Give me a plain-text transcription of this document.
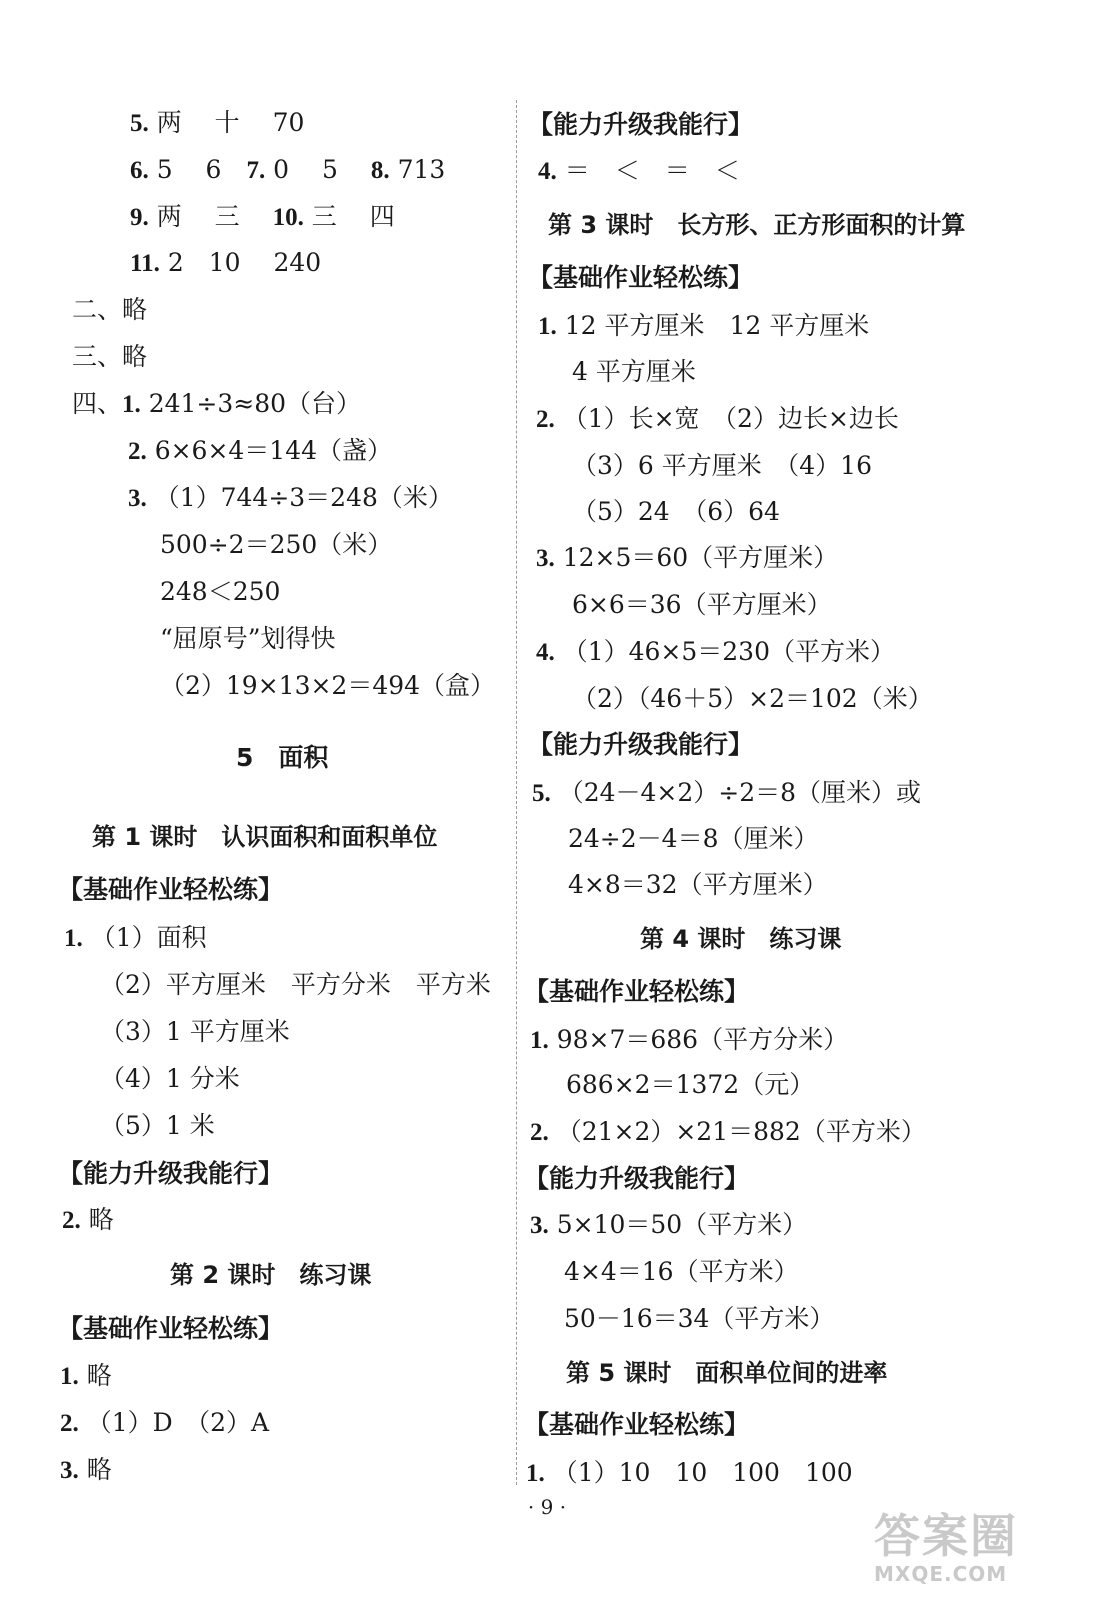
5. 两　 十　 70
6. 5　 6　7. 0　 5　 8. 713
9. 两　 三　 10. 三　 四
11. 2　10　 240
二、略
三、略
四、1. 241÷3≈80（台）
2. 6×6×4＝144（盏）
3. （1）744÷3＝248（米）
500÷2＝250（米）
248＜250
“屈原号”划得快
（2）19×13×2＝494（盒）
5　面积
第 1 课时　认识面积和面积单位
【基础作业轻松练】
1. （1）面积
（2）平方厘米　平方分米　平方米
（3）1 平方厘米
（4）1 分米
（5）1 米
【能力升级我能行】
2. 略
第 2 课时　练习课
【基础作业轻松练】
1. 略
2. （1）D　（2）A
3. 略
【能力升级我能行】
4. ＝　＜　＝　＜
第 3 课时　长方形、正方形面积的计算
【基础作业轻松练】
1. 12 平方厘米　12 平方厘米
4 平方厘米
2. （1）长×宽　（2）边长×边长
（3）6 平方厘米　（4）16
（5）24　（6）64
3. 12×5＝60（平方厘米）
6×6＝36（平方厘米）
4. （1）46×5＝230（平方米）
（2）（46＋5）×2＝102（米）
【能力升级我能行】
5. （24－4×2）÷2＝8（厘米）或
24÷2－4＝8（厘米）
4×8＝32（平方厘米）
第 4 课时　练习课
【基础作业轻松练】
1. 98×7＝686（平方分米）
686×2＝1372（元）
2. （21×2）×21＝882（平方米）
【能力升级我能行】
3. 5×10＝50（平方米）
4×4＝16（平方米）
50－16＝34（平方米）
第 5 课时　面积单位间的进率
【基础作业轻松练】
1. （1）10　10　100　100
· 9 ·
答案圈
MXQE.COM
